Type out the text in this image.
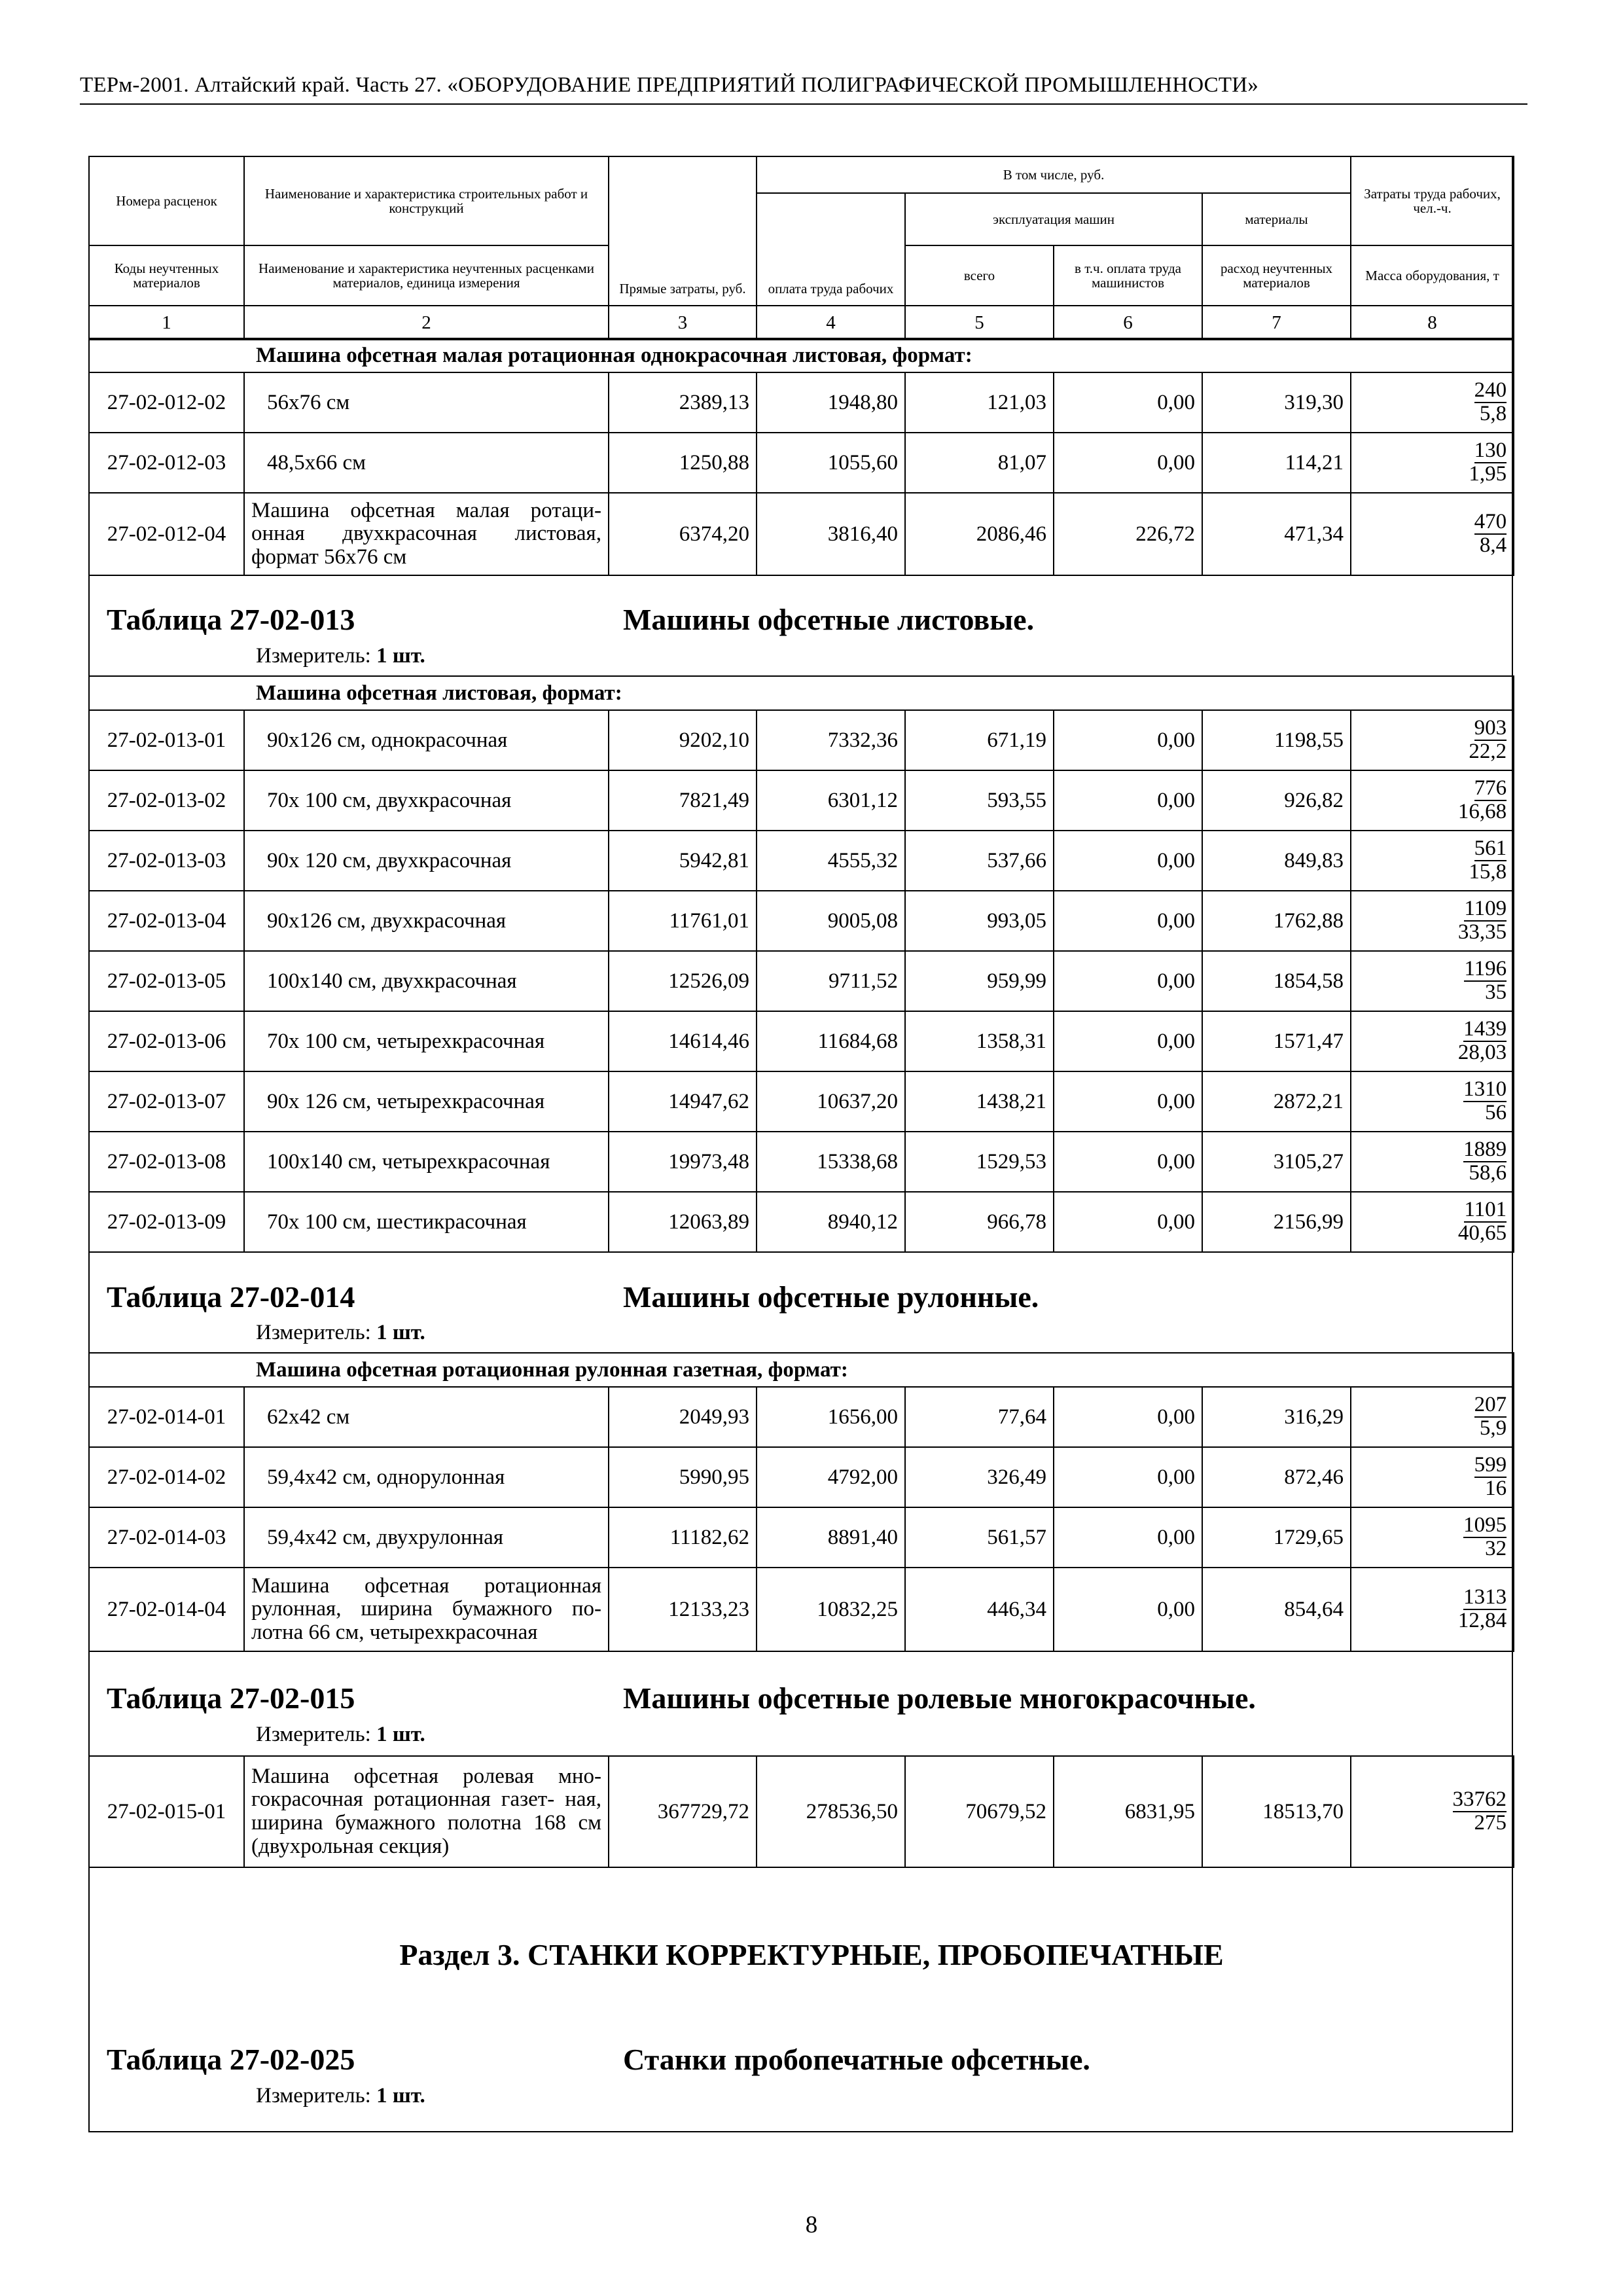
ТЕРм-2001. Алтайский край. Часть 27. «ОБОРУДОВАНИЕ ПРЕДПРИЯТИЙ ПОЛИГРАФИЧЕСКОЙ ПРОМЫШЛЕННОСТИ»
Номера расценок	Наименование и характеристика строительных работ и конструкций	Прямые затраты, руб.	В том числе, руб.				Затраты труда рабочих, чел.-ч.
			оплата труда рабочих	эксплуатация машин		материалы	
Коды неучтенных материалов	Наименование и характеристика неучтенных расценками материалов, единица измерения			всего	в т.ч. оплата труда машинистов	расход неучтенных материалов	Масса оборудования, т
1	2	3	4	5	6	7	8
Машина офсетная малая ротационная однокрасочная листовая, формат:							
27-02-012-02	56х76 см	2389,13	1948,80	121,03	0,00	319,30	240
5,8

27-02-012-03	48,5х66 см	1250,88	1055,60	81,07	0,00	114,21	130
1,95

27-02-012-04	Машина офсетная малая ротаци- онная двухкрасочная листовая, формат 56х76 см	6374,20	3816,40	2086,46	226,72	471,34	470
8,4
Таблица 27-02-013	Машины офсетные листовые.
Измеритель: 1 шт.
Машина офсетная листовая, формат:							
27-02-013-01	90х126 см, однокрасочная	9202,10	7332,36	671,19	0,00	1198,55	903
22,2

27-02-013-02	70х 100 см, двухкрасочная	7821,49	6301,12	593,55	0,00	926,82	776
16,68

27-02-013-03	90х 120 см, двухкрасочная	5942,81	4555,32	537,66	0,00	849,83	561
15,8

27-02-013-04	90х126 см, двухкрасочная	11761,01	9005,08	993,05	0,00	1762,88	1109
33,35

27-02-013-05	100х140 см, двухкрасочная	12526,09	9711,52	959,99	0,00	1854,58	1196
35

27-02-013-06	70х 100 см, четырехкрасочная	14614,46	11684,68	1358,31	0,00	1571,47	1439
28,03

27-02-013-07	90х 126 см, четырехкрасочная	14947,62	10637,20	1438,21	0,00	2872,21	1310
56

27-02-013-08	100х140 см, четырехкрасочная	19973,48	15338,68	1529,53	0,00	3105,27	1889
58,6

27-02-013-09	70х 100 см, шестикрасочная	12063,89	8940,12	966,78	0,00	2156,99	1101
40,65
Таблица 27-02-014	Машины офсетные рулонные.
Измеритель: 1 шт.
Машина офсетная ротационная рулонная газетная, формат:							
27-02-014-01	62х42 см	2049,93	1656,00	77,64	0,00	316,29	207
5,9

27-02-014-02	59,4х42 см, однорулонная	5990,95	4792,00	326,49	0,00	872,46	599
16

27-02-014-03	59,4х42 см, двухрулонная	11182,62	8891,40	561,57	0,00	1729,65	1095
32

27-02-014-04	Машина офсетная ротационная рулонная, ширина бумажного по- лотна 66 см, четырехкрасочная	12133,23	10832,25	446,34	0,00	854,64	1313
12,84
Таблица 27-02-015	Машины офсетные ролевые многокрасочные.
Измеритель: 1 шт.
27-02-015-01	Машина офсетная ролевая мно- гокрасочная ротационная газет- ная, ширина бумажного полотна 168 см (двухрольная секция)	367729,72	278536,50	70679,52	6831,95	18513,70	33762
275
Раздел 3. СТАНКИ КОРРЕКТУРНЫЕ, ПРОБОПЕЧАТНЫЕ
Таблица 27-02-025	Станки пробопечатные офсетные.
Измеритель: 1 шт.
8
